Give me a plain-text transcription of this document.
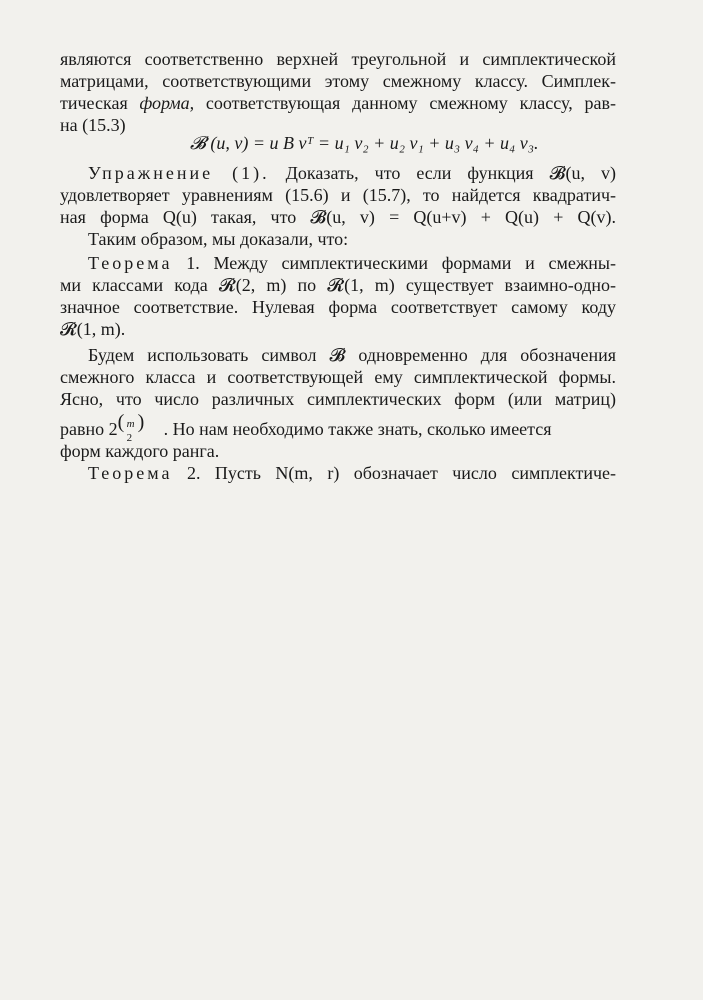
являются соответственно верхней треугольной и симплектической
матрицами, соответствующими этому смежному классу. Симплек-
тическая форма, соответствующая данному смежному классу, рав-
на (15.3)
𝓑 (u, v) = u B vᵀ = u₁ v₂ + u₂ v₁ + u₃ v₄ + u₄ v₃.
Упражнение (1). Доказать, что если функция 𝓑(u, v)
удовлетворяет уравнениям (15.6) и (15.7), то найдется квадратич-
ная форма Q(u) такая, что 𝓑(u, v) = Q(u+v) + Q(u) + Q(v).
Таким образом, мы доказали, что:
Теорема 1. Между симплектическими формами и смежны-
ми классами кода 𝓡(2, m) по 𝓡(1, m) существует взаимно-одно-
значное соответствие. Нулевая форма соответствует самому коду
𝓡(1, m).
Будем использовать символ 𝓑 одновременно для обозначения
смежного класса и соответствующей ему симплектической формы.
Ясно, что число различных симплектических форм (или матриц)
равно 2 ( m
2
) . Но нам необходимо также знать, сколько имеется
форм каждого ранга.
Теорема 2. Пусть N(m, r) обозначает число симплектиче-
